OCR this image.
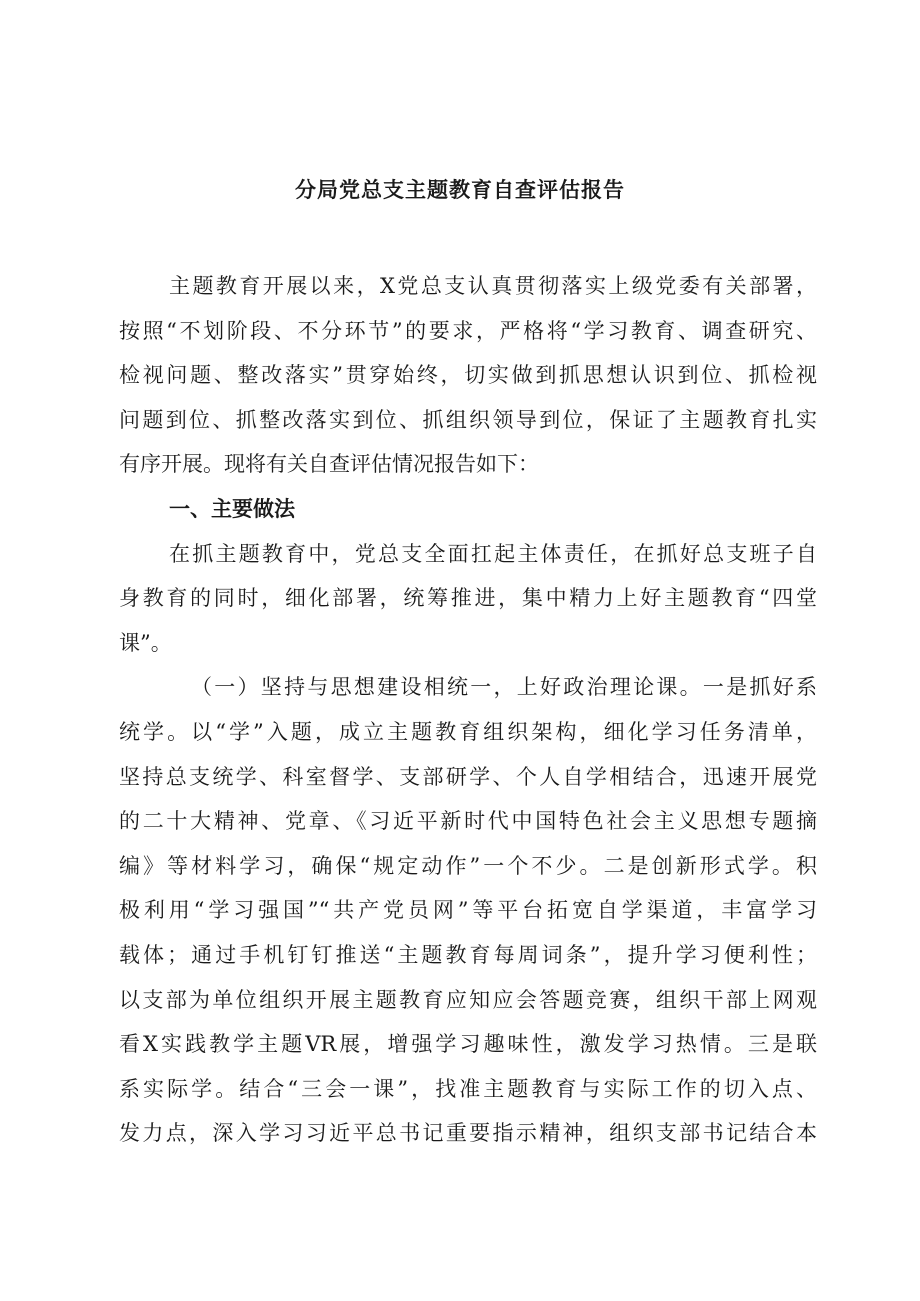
分局党总支主题教育自查评估报告
主题教育开展以来，X党总支认真贯彻落实上级党委有关部署，
按照“不划阶段、不分环节”的要求，严格将“学习教育、调查研究、
检视问题、整改落实”贯穿始终，切实做到抓思想认识到位、抓检视
问题到位、抓整改落实到位、抓组织领导到位，保证了主题教育扎实
有序开展。现将有关自查评估情况报告如下：
一、主要做法
在抓主题教育中，党总支全面扛起主体责任，在抓好总支班子自
身教育的同时，细化部署，统筹推进，集中精力上好主题教育“四堂
课”。
（一）坚持与思想建设相统一，上好政治理论课。一是抓好系
统学。以“学”入题，成立主题教育组织架构，细化学习任务清单，
坚持总支统学、科室督学、支部研学、个人自学相结合，迅速开展党
的二十大精神、党章、《习近平新时代中国特色社会主义思想专题摘
编》等材料学习，确保“规定动作”一个不少。二是创新形式学。积
极利用“学习强国”“共产党员网”等平台拓宽自学渠道，丰富学习
载体；通过手机钉钉推送“主题教育每周词条”，提升学习便利性；
以支部为单位组织开展主题教育应知应会答题竞赛，组织干部上网观
看X实践教学主题VR展，增强学习趣味性，激发学习热情。三是联
系实际学。结合“三会一课”，找准主题教育与实际工作的切入点、
发力点，深入学习习近平总书记重要指示精神，组织支部书记结合本
